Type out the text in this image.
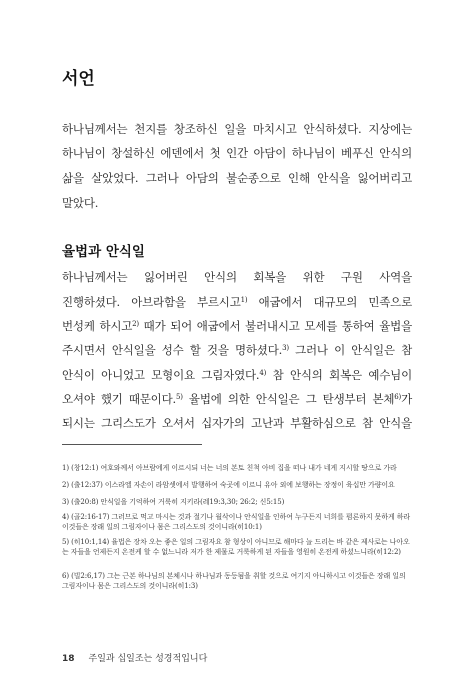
서언
하나님께서는 천지를 창조하신 일을 마치시고 안식하셨다. 지상에는
하나님이 창설하신 에덴에서 첫 인간 아담이 하나님이 베푸신 안식의
삶을 살았었다. 그러나 아담의 불순종으로 인해 안식을 잃어버리고
말았다.
율법과 안식일
하나님께서는 잃어버린 안식의 회복을 위한 구원 사역을
진행하셨다. 아브라함을 부르시고$^{1)}$ 애굽에서 대규모의 민족으로
번성케 하시고$^{2)}$ 때가 되어 애굽에서 불러내시고 모세를 통하여 율법을
주시면서 안식일을 성수 할 것을 명하셨다.$^{3)}$ 그러나 이 안식일은 참
안식이 아니었고 모형이요 그림자였다.$^{4)}$ 참 안식의 회복은 예수님이
오셔야 했기 때문이다.$^{5)}$ 율법에 의한 안식일은 그 탄생부터 본체$^{6)}$가
되시는 그리스도가 오셔서 십자가의 고난과 부활하심으로 참 안식을
1) (창12:1) 여호와께서 아브람에게 이르시되 너는 너의 본토 친척 아비 집을 떠나 내가 네게 지시할 땅으로 가라
2) (출12:37) 이스라엘 자손이 라암셋에서 발행하여 숙곳에 이르니 유아 외에 보행하는 장정이 육십만 가량이요
3) (출20:8) 안식일을 기억하여 거룩히 지키라(레19:3,30; 26:2; 신5:15)
4) (골2:16-17) 그러므로 먹고 마시는 것과 절기나 월삭이나 안식일을 인하여 누구든지 너희를 폄론하지 못하게 하라 이것들은 장래 일의 그림자이나 몸은 그리스도의 것이니라(히10:1)
5) (히10:1,14) 율법은 장차 오는 좋은 일의 그림자요 참 형상이 아니므로 해마다 늘 드리는 바 같은 제사로는 나아오는 자들을 언제든지 온전케 할 수 없느니라 저가 한 제물로 거룩하게 된 자들을 영원히 온전케 하셨느니라(히12:2)
6) (빌2:6,17) 그는 근본 하나님의 본체시나 하나님과 동등됨을 취할 것으로 여기지 아니하시고 이것들은 장래 일의 그림자이나 몸은 그리스도의 것이니라(히1:3)
18 주일과 십일조는 성경적입니다
